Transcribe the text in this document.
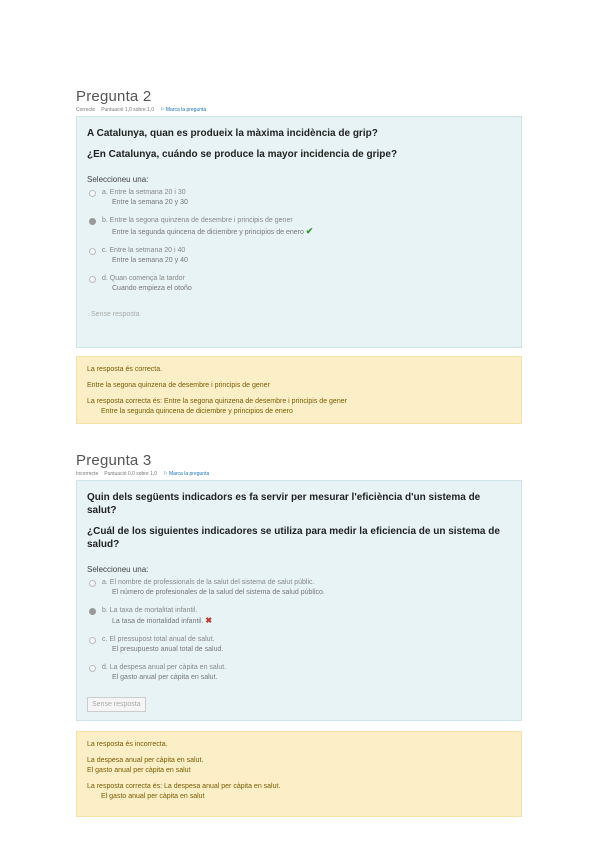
Pregunta 2
Correcte Puntuació 1,0 sobre 1,0 ⚐ Marca la pregunta

A Catalunya, quan es produeix la màxima incidència de grip?

¿En Catalunya, cuándo se produce la mayor incidencia de gripe?

Seleccioneu una:
a. Entre la setmana 20 i 30
Entre la semana 20 y 30
b. Entre la segona quinzena de desembre i principis de gener
Entre la segunda quincena de diciembre y principios de enero ✔
c. Entre la setmana 20 i 40
Entre la semana 20 y 40
d. Quan comença la tardor
Cuando empieza el otoño
Sense resposta

La resposta és correcta.

Entre la segona quinzena de desembre i principis de gener

La resposta correcta és: Entre la segona quinzena de desembre i principis de gener
Entre la segunda quincena de diciembre y principios de enero

Pregunta 3
Incorrecte Puntuació 0,0 sobre 1,0 ⚐ Marca la pregunta

Quin dels següents indicadors es fa servir per mesurar l'eficiència d'un sistema de salut?

¿Cuál de los siguientes indicadores se utiliza para medir la eficiencia de un sistema de salud?

Seleccioneu una:
a. El nombre de professionals de la salut del sistema de salut públic.
El número de profesionales de la salud del sistema de salud público.
b. La taxa de mortalitat infantil.
La tasa de mortalidad infantil. ✖
c. El pressupost total anual de salut.
El presupuesto anual total de salud.
d. La despesa anual per càpita en salut.
El gasto anual per càpita en salut.
Sense resposta

La resposta és incorrecta.

La despesa anual per càpita en salut.
El gasto anual per càpita en salut

La resposta correcta és: La despesa anual per càpita en salut.
El gasto anual per càpita en salut
